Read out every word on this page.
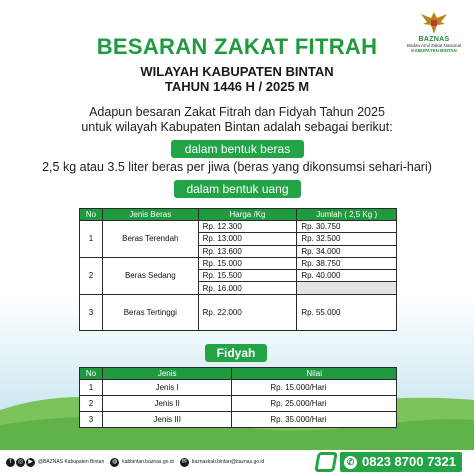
BAZNAS
Badan Amil Zakat Nasional
KABUPATEN BINTAN
BESARAN ZAKAT FITRAH
WILAYAH KABUPATEN BINTAN
TAHUN 1446 H / 2025 M
Adapun besaran Zakat Fitrah dan Fidyah Tahun 2025
untuk wilayah Kabupaten Bintan adalah sebagai berikut:
dalam bentuk beras
2,5 kg atau 3.5 liter beras per jiwa (beras yang dikonsumsi sehari-hari)
dalam bentuk uang
No	Jenis Beras	Harga /Kg	Jumlah ( 2,5 Kg )
1	Beras Terendah	Rp. 12.300	Rp. 30.750
		Rp. 13.000	Rp. 32.500
		Rp. 13.600	Rp. 34.000
2	Beras Sedang	Rp. 15.000	Rp. 38.750
		Rp. 15.500	Rp. 40.000
		Rp. 16.000	
3	Beras Tertinggi	Rp. 22.000	Rp. 55.000
Fidyah
No	Jenis	Nilai
1	Jenis I	Rp. 15.000/Hari
2	Jenis II	Rp. 25.000/Hari
3	Jenis III	Rp. 35.000/Hari
f	◎ ▶	@BAZNAS Kabupaten Bintan	◍ kabbintan.baznas.go.id	✉ baznaskab.bintan@baznas.go.id	✆ 0823 8700 7321
